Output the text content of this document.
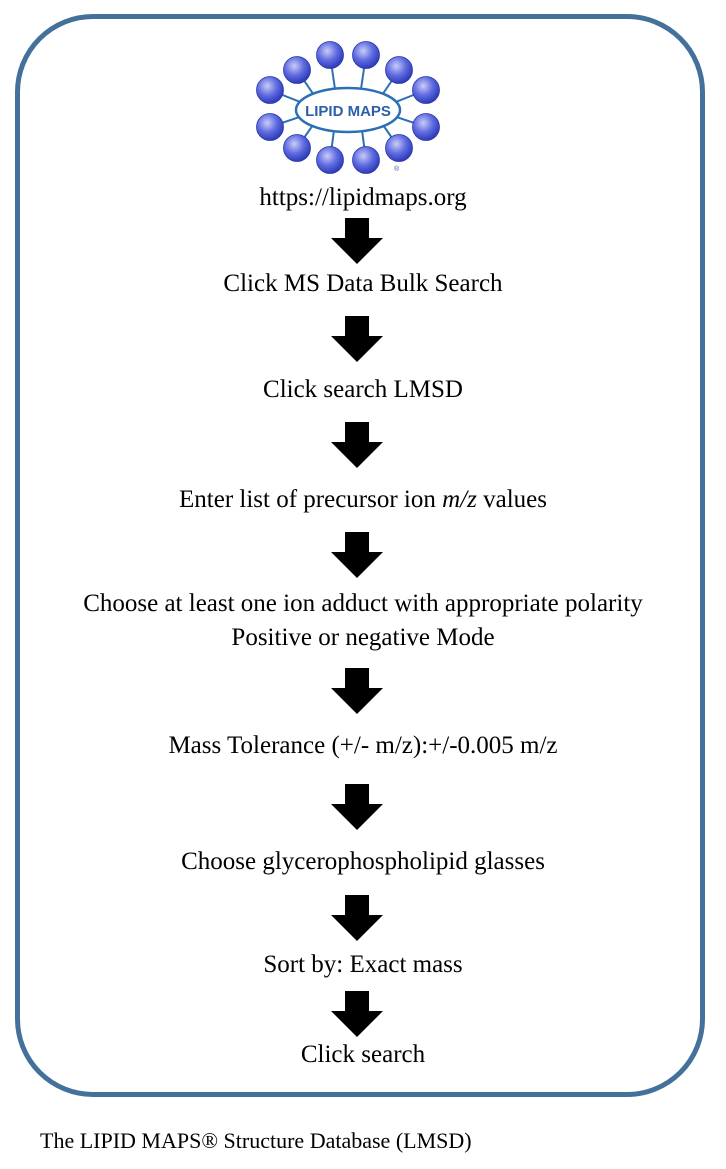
LIPID MAPS
®
https://lipidmaps.org
Click MS Data Bulk Search
Click search LMSD
Enter list of precursor ion m/z values
Choose at least one ion adduct with appropriate polarity
Positive or negative Mode
Mass Tolerance (+/- m/z):+/-0.005 m/z
Choose glycerophospholipid glasses
Sort by: Exact mass
Click search
The LIPID MAPS® Structure Database (LMSD)
